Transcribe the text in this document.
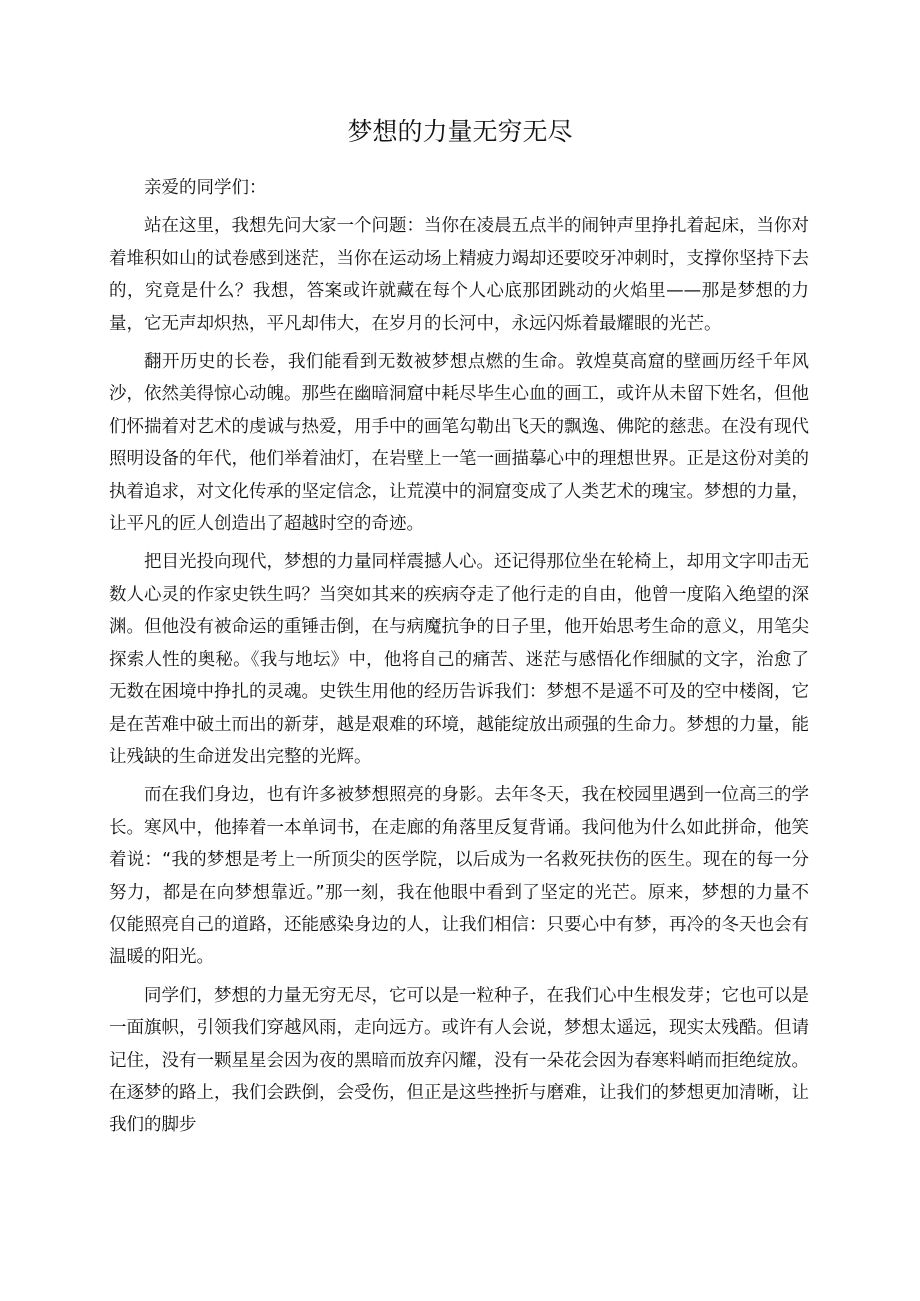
梦想的力量无穷无尽

亲爱的同学们：

站在这里，我想先问大家一个问题：当你在凌晨五点半的闹钟声里挣扎着起床，当你对着堆积如山的试卷感到迷茫，当你在运动场上精疲力竭却还要咬牙冲刺时，支撑你坚持下去的，究竟是什么？我想，答案或许就藏在每个人心底那团跳动的火焰里——那是梦想的力量，它无声却炽热，平凡却伟大，在岁月的长河中，永远闪烁着最耀眼的光芒。

翻开历史的长卷，我们能看到无数被梦想点燃的生命。敦煌莫高窟的壁画历经千年风沙，依然美得惊心动魄。那些在幽暗洞窟中耗尽毕生心血的画工，或许从未留下姓名，但他们怀揣着对艺术的虔诚与热爱，用手中的画笔勾勒出飞天的飘逸、佛陀的慈悲。在没有现代照明设备的年代，他们举着油灯，在岩壁上一笔一画描摹心中的理想世界。正是这份对美的执着追求，对文化传承的坚定信念，让荒漠中的洞窟变成了人类艺术的瑰宝。梦想的力量，让平凡的匠人创造出了超越时空的奇迹。

把目光投向现代，梦想的力量同样震撼人心。还记得那位坐在轮椅上，却用文字叩击无数人心灵的作家史铁生吗？当突如其来的疾病夺走了他行走的自由，他曾一度陷入绝望的深渊。但他没有被命运的重锤击倒，在与病魔抗争的日子里，他开始思考生命的意义，用笔尖探索人性的奥秘。《我与地坛》中，他将自己的痛苦、迷茫与感悟化作细腻的文字，治愈了无数在困境中挣扎的灵魂。史铁生用他的经历告诉我们：梦想不是遥不可及的空中楼阁，它是在苦难中破土而出的新芽，越是艰难的环境，越能绽放出顽强的生命力。梦想的力量，能让残缺的生命迸发出完整的光辉。

而在我们身边，也有许多被梦想照亮的身影。去年冬天，我在校园里遇到一位高三的学长。寒风中，他捧着一本单词书，在走廊的角落里反复背诵。我问他为什么如此拼命，他笑着说：“我的梦想是考上一所顶尖的医学院，以后成为一名救死扶伤的医生。现在的每一分努力，都是在向梦想靠近。”那一刻，我在他眼中看到了坚定的光芒。原来，梦想的力量不仅能照亮自己的道路，还能感染身边的人，让我们相信：只要心中有梦，再冷的冬天也会有温暖的阳光。

同学们，梦想的力量无穷无尽，它可以是一粒种子，在我们心中生根发芽；它也可以是一面旗帜，引领我们穿越风雨，走向远方。或许有人会说，梦想太遥远，现实太残酷。但请记住，没有一颗星星会因为夜的黑暗而放弃闪耀，没有一朵花会因为春寒料峭而拒绝绽放。在逐梦的路上，我们会跌倒，会受伤，但正是这些挫折与磨难，让我们的梦想更加清晰，让我们的脚步
